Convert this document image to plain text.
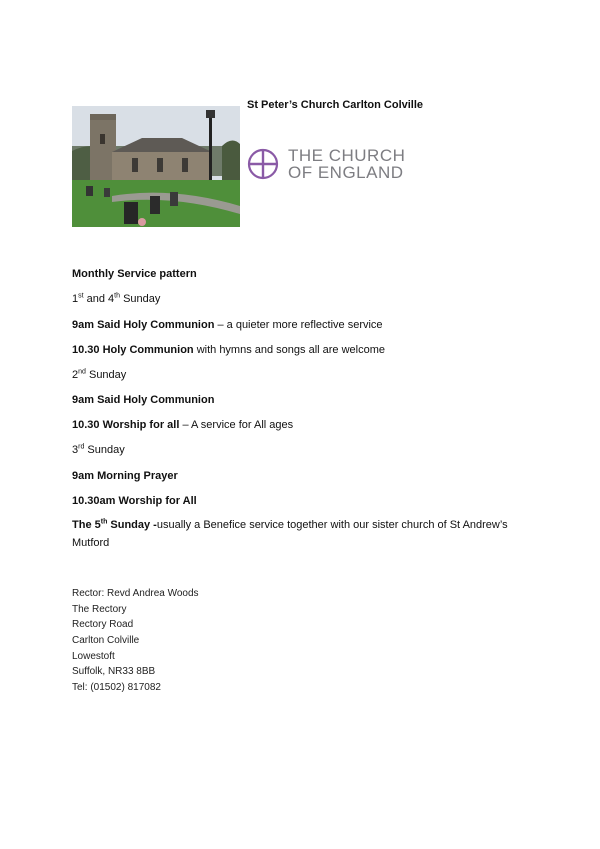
St Peter’s Church Carlton Colville
THE CHURCH
OF ENGLAND
Monthly Service pattern
1st and 4th Sunday
9am Said Holy Communion – a quieter more reflective service
10.30 Holy Communion with hymns and songs all are welcome
2nd Sunday
9am Said Holy Communion
10.30 Worship for all – A service for All ages
3rd Sunday
9am Morning Prayer
10.30am Worship for All
The 5th Sunday -usually a Benefice service together with our sister church of St Andrew’s
Mutford
Rector: Revd Andrea Woods
The Rectory
Rectory Road
Carlton Colville
Lowestoft
Suffolk, NR33 8BB
Tel: (01502) 817082
